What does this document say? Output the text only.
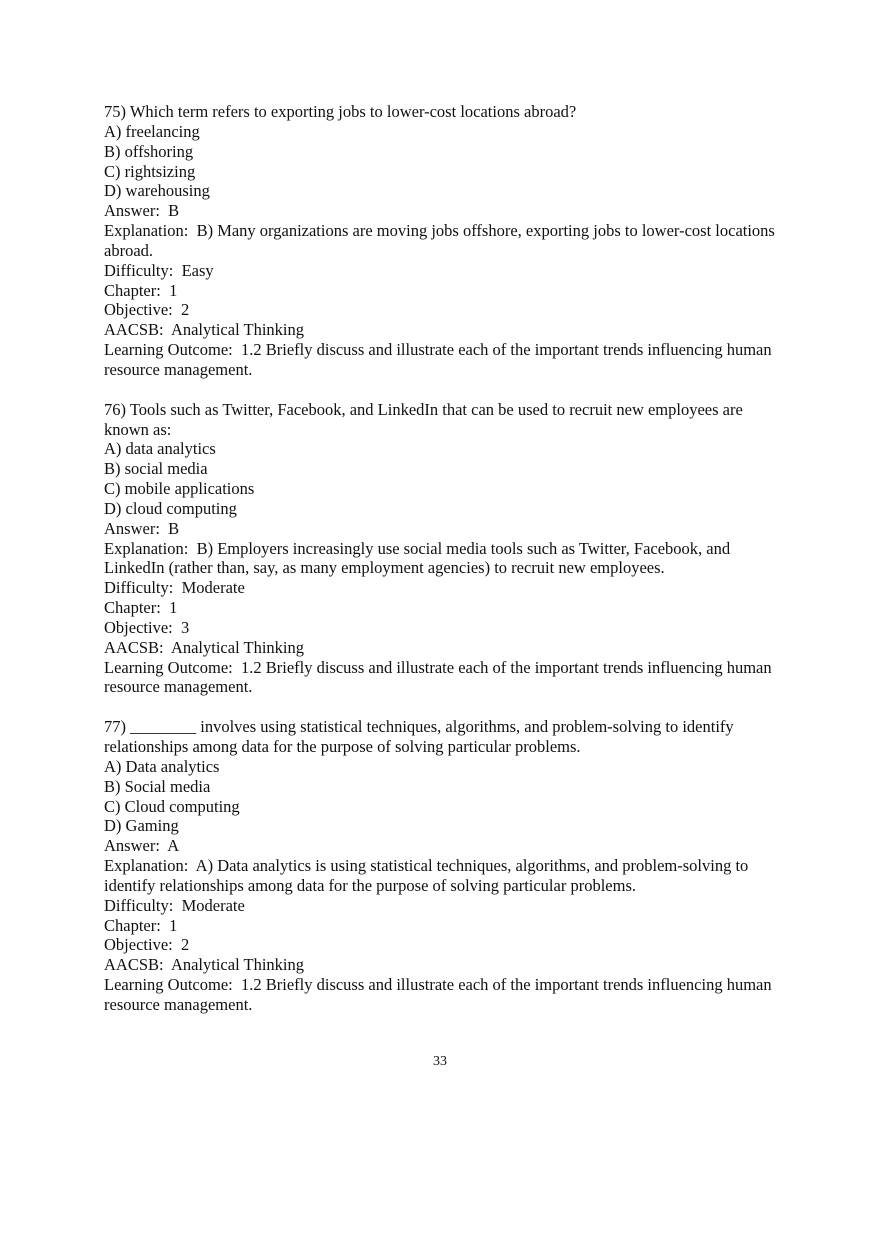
75) Which term refers to exporting jobs to lower-cost locations abroad?
A) freelancing
B) offshoring
C) rightsizing
D) warehousing
Answer:  B
Explanation:  B) Many organizations are moving jobs offshore, exporting jobs to lower-cost locations abroad.
Difficulty:  Easy
Chapter:  1
Objective:  2
AACSB:  Analytical Thinking
Learning Outcome:  1.2 Briefly discuss and illustrate each of the important trends influencing human resource management.
76) Tools such as Twitter, Facebook, and LinkedIn that can be used to recruit new employees are known as:
A) data analytics
B) social media
C) mobile applications
D) cloud computing
Answer:  B
Explanation:  B) Employers increasingly use social media tools such as Twitter, Facebook, and LinkedIn (rather than, say, as many employment agencies) to recruit new employees.
Difficulty:  Moderate
Chapter:  1
Objective:  3
AACSB:  Analytical Thinking
Learning Outcome:  1.2 Briefly discuss and illustrate each of the important trends influencing human resource management.
77) ________ involves using statistical techniques, algorithms, and problem-solving to identify relationships among data for the purpose of solving particular problems.
A) Data analytics
B) Social media
C) Cloud computing
D) Gaming
Answer:  A
Explanation:  A) Data analytics is using statistical techniques, algorithms, and problem-solving to identify relationships among data for the purpose of solving particular problems.
Difficulty:  Moderate
Chapter:  1
Objective:  2
AACSB:  Analytical Thinking
Learning Outcome:  1.2 Briefly discuss and illustrate each of the important trends influencing human resource management.
33
